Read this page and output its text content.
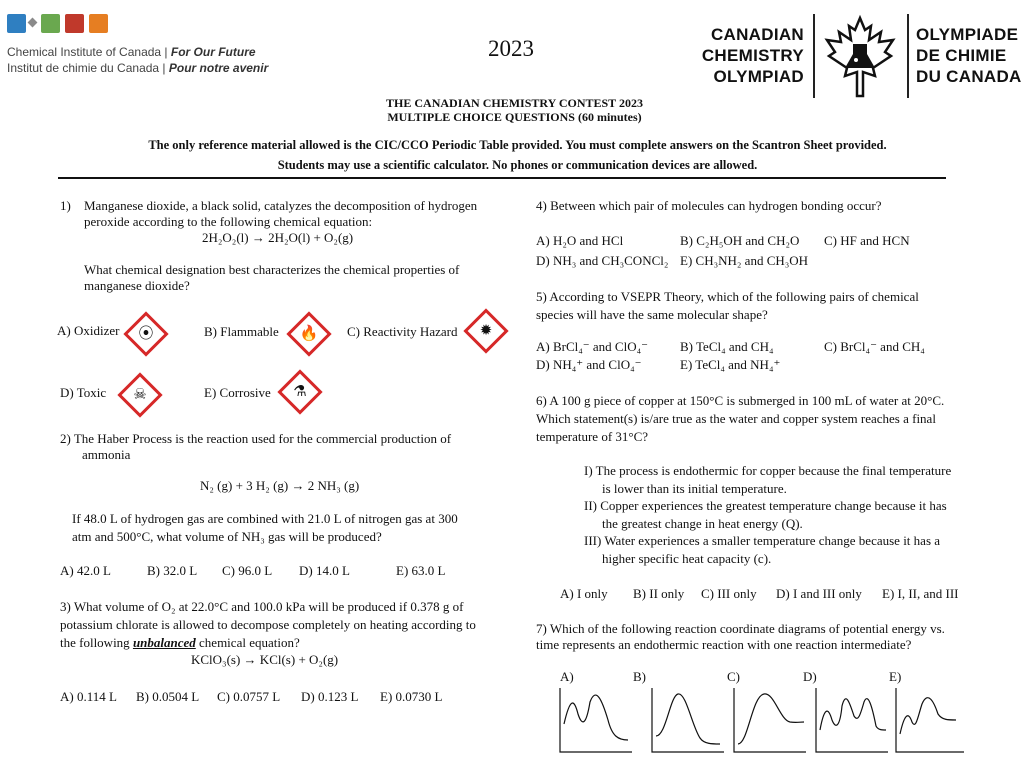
Chemical Institute of Canada | For Our Future
Institut de chimie du Canada | Pour notre avenir
2023
CANADIAN
CHEMISTRY
OLYMPIAD
OLYMPIADE
DE CHIMIE
DU CANADA
THE CANADIAN CHEMISTRY CONTEST 2023
MULTIPLE CHOICE QUESTIONS (60 minutes)
The only reference material allowed is the CIC/CCO Periodic Table provided. You must complete answers on the Scantron Sheet provided.
Students may use a scientific calculator. No phones or communication devices are allowed.
1)	Manganese dioxide, a black solid, catalyzes the decomposition of hydrogen
peroxide according to the following chemical equation:
2H₂O₂(l) → 2H₂O(l) + O₂(g)
What chemical designation best characterizes the chemical properties of
manganese dioxide?
A) Oxidizer	⦿	B) Flammable 🔥 C) Reactivity Hazard	✹
D) Toxic	☠	E) Corrosive	⚗
2) The Haber Process is the reaction used for the commercial production of
ammonia
N₂ (g) + 3 H₂ (g) → 2 NH₃ (g)
If 48.0 L of hydrogen gas are combined with 21.0 L of nitrogen gas at 300
atm and 500°C, what volume of NH₃ gas will be produced?
A) 42.0 L	B) 32.0 L C) 96.0 L D) 14.0 L	E) 63.0 L
3) What volume of O₂ at 22.0°C and 100.0 kPa will be produced if 0.378 g of
potassium chlorate is allowed to decompose completely on heating according to
the following unbalanced chemical equation?
KClO₃(s) → KCl(s) + O₂(g)
A) 0.114 L B) 0.0504 L C) 0.0757 L D) 0.123 L E) 0.0730 L
4) Between which pair of molecules can hydrogen bonding occur?
A) H₂O and HCl	B) C₂H₅OH and CH₂O C) HF and HCN
D) NH₃ and CH₃CONCl₂ E) CH₃NH₂ and CH₃OH
5) According to VSEPR Theory, which of the following pairs of chemical
species will have the same molecular shape?
A) BrCl₄⁻ and ClO₄⁻ B) TeCl₄ and CH₄	C) BrCl₄⁻ and CH₄
D) NH₄⁺ and ClO₄⁻	E) TeCl₄ and NH₄⁺
6) A 100 g piece of copper at 150°C is submerged in 100 mL of water at 20°C.
Which statement(s) is/are true as the water and copper system reaches a final
temperature of 31°C?
I) The process is endothermic for copper because the final temperature
is lower than its initial temperature.
II) Copper experiences the greatest temperature change because it has
the greatest change in heat energy (Q).
III) Water experiences a smaller temperature change because it has a
higher specific heat capacity (c).
A) I only B) II only C) III only D) I and III only E) I, II, and III
7) Which of the following reaction coordinate diagrams of potential energy vs.
time represents an endothermic reaction with one reaction intermediate?
A)	B)	C)	D)	E)
